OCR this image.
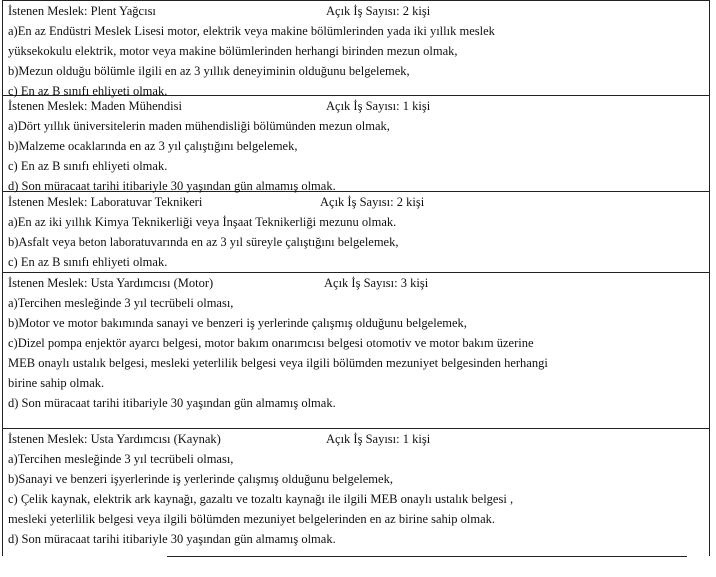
İstenen Meslek: Plent Yağcısı	Açık İş Sayısı: 2 kişi
a)En az Endüstri Meslek Lisesi motor, elektrik veya makine bölümlerinden yada iki yıllık meslek
yüksekokulu elektrik, motor veya makine bölümlerinden herhangi birinden mezun olmak,
b)Mezun olduğu bölümle ilgili en az 3 yıllık deneyiminin olduğunu belgelemek,
c) En az B sınıfı ehliyeti olmak.
İstenen Meslek: Maden Mühendisi	Açık İş Sayısı: 1 kişi
a)Dört yıllık üniversitelerin maden mühendisliği bölümünden mezun olmak,
b)Malzeme ocaklarında en az 3 yıl çalıştığını belgelemek,
c) En az B sınıfı ehliyeti olmak.
d) Son müracaat tarihi itibariyle 30 yaşından gün almamış olmak.
İstenen Meslek: Laboratuvar Teknikeri	Açık İş Sayısı: 2 kişi
a)En az iki yıllık Kimya Teknikerliği veya İnşaat Teknikerliği mezunu olmak.
b)Asfalt veya beton laboratuvarında en az 3 yıl süreyle çalıştığını belgelemek,
c) En az B sınıfı ehliyeti olmak.
İstenen Meslek: Usta Yardımcısı (Motor)	Açık İş Sayısı: 3 kişi
a)Tercihen mesleğinde 3 yıl tecrübeli olması,
b)Motor ve motor bakımında sanayi ve benzeri iş yerlerinde çalışmış olduğunu belgelemek,
c)Dizel pompa enjektör ayarcı belgesi, motor bakım onarımcısı belgesi otomotiv ve motor bakım üzerine
MEB onaylı ustalık belgesi, mesleki yeterlilik belgesi veya ilgili bölümden mezuniyet belgesinden herhangi
birine sahip olmak.
d) Son müracaat tarihi itibariyle 30 yaşından gün almamış olmak.
İstenen Meslek: Usta Yardımcısı (Kaynak)	Açık İş Sayısı: 1 kişi
a)Tercihen mesleğinde 3 yıl tecrübeli olması,
b)Sanayi ve benzeri işyerlerinde iş yerlerinde çalışmış olduğunu belgelemek,
c) Çelik kaynak, elektrik ark kaynağı, gazaltı ve tozaltı kaynağı ile ilgili MEB onaylı ustalık belgesi ,
mesleki yeterlilik belgesi veya ilgili bölümden mezuniyet belgelerinden en az birine sahip olmak.
d) Son müracaat tarihi itibariyle 30 yaşından gün almamış olmak.
